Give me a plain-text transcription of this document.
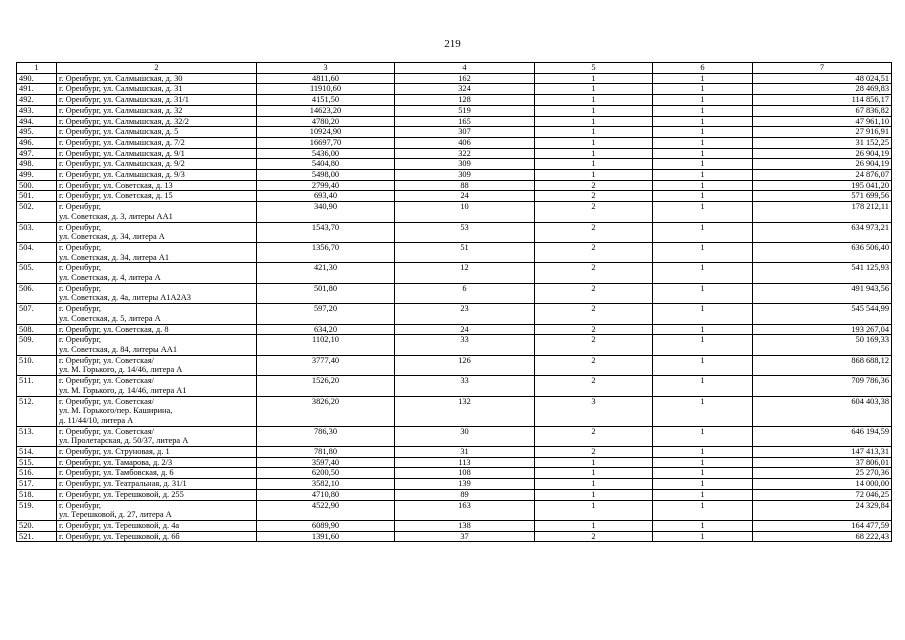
219
1	2	3	4	5	6	7
490.	г. Оренбург, ул. Салмышская, д. 30	4811,60	162	1	1	48 024,51
491.	г. Оренбург, ул. Салмышская, д. 31	11910,60	324	1	1	28 469,83
492.	г. Оренбург, ул. Салмышская, д. 31/1	4151,50	128	1	1	114 856,17
493.	г. Оренбург, ул. Салмышская, д. 32	14623,20	519	1	1	67 836,82
494.	г. Оренбург, ул. Салмышская, д. 32/2	4780,20	165	1	1	47 961,10
495.	г. Оренбург, ул. Салмышская, д. 5	10924,90	307	1	1	27 916,91
496.	г. Оренбург, ул. Салмышская, д. 7/2	16697,70	406	1	1	31 152,25
497.	г. Оренбург, ул. Салмышская, д. 9/1	5436,00	322	1	1	26 904,19
498.	г. Оренбург, ул. Салмышская, д. 9/2	5404,80	309	1	1	26 904,19
499.	г. Оренбург, ул. Салмышская, д. 9/3	5498,00	309	1	1	24 876,07
500.	г. Оренбург, ул. Советская, д. 13	2799,40	88	2	1	195 041,20
501.	г. Оренбург, ул. Советская, д. 15	693,40	24	2	1	571 699,56
502.	г. Оренбург,
ул. Советская, д. 3, литеры АА1	340,90	10	2	1	178 212,11
503.	г. Оренбург,
ул. Советская, д. 34, литера А	1543,70	53	2	1	634 973,21
504.	г. Оренбург,
ул. Советская, д. 34, литера А1	1356,70	51	2	1	636 506,40
505.	г. Оренбург,
ул. Советская, д. 4, литера А	421,30	12	2	1	541 125,93
506.	г. Оренбург,
ул. Советская, д. 4а, литеры А1А2А3	501,80	6	2	1	491 943,56
507.	г. Оренбург,
ул. Советская, д. 5, литера А	597,20	23	2	1	545 544,99
508.	г. Оренбург, ул. Советская, д. 8	634,20	24	2	1	193 267,04
509.	г. Оренбург,
ул. Советская, д. 84, литеры АА1	1102,10	33	2	1	50 169,33
510.	г. Оренбург, ул. Советская/
ул. М. Горького, д. 14/46, литера А	3777,40	126	2	1	868 688,12
511.	г. Оренбург, ул. Советская/
ул. М. Горького, д. 14/46, литера А1	1526,20	33	2	1	709 786,36
512.	г. Оренбург, ул. Советская/
ул. М. Горького/пер. Каширина,
д. 11/44/10, литера А	3826,20	132	3	1	604 403,38
513.	г. Оренбург, ул. Советская/
ул. Пролетарская, д. 50/37, литера А	786,30	30	2	1	646 194,59
514.	г. Оренбург, ул. Струновая, д. 1	781,80	31	2	1	147 413,31
515.	г. Оренбург, ул. Тамарова, д. 2/3	3597,40	113	1	1	37 806,01
516.	г. Оренбург, ул. Тамбовская, д. 6	6200,50	108	1	1	25 270,36
517.	г. Оренбург, ул. Театральная, д. 31/1	3582,10	139	1	1	14 000,00
518.	г. Оренбург, ул. Терешковой, д. 255	4710,80	89	1	1	72 046,25
519.	г. Оренбург,
ул. Терешковой, д. 27, литера А	4522,90	163	1	1	24 329,84
520.	г. Оренбург, ул. Терешковой, д. 4а	6089,90	138	1	1	164 477,59
521.	г. Оренбург, ул. Терешковой, д. 6б	1391,60	37	2	1	68 222,43
